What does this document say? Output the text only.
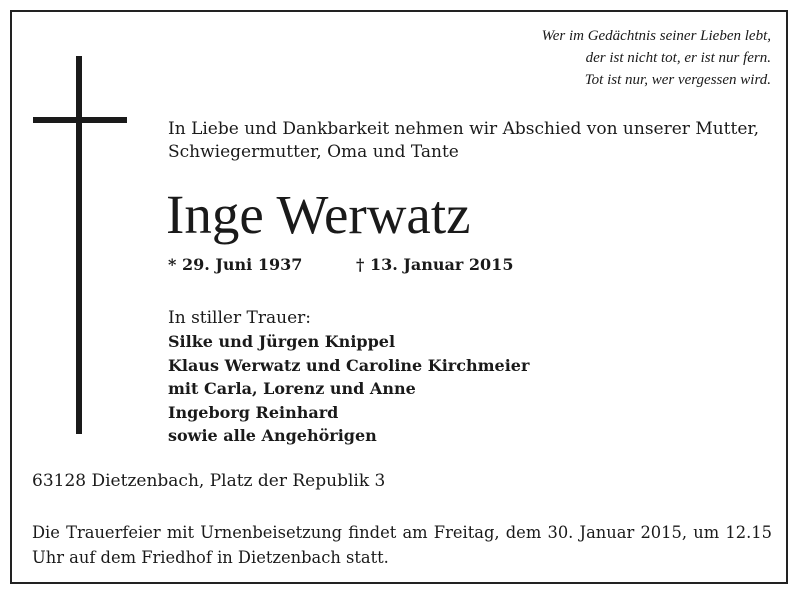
Wer im Gedächtnis seiner Lieben lebt,
der ist nicht tot, er ist nur fern.
Tot ist nur, wer vergessen wird.
In Liebe und Dankbarkeit nehmen wir Abschied von unserer Mutter,
Schwiegermutter, Oma und Tante
Inge Werwatz
* 29. Juni 1937	† 13. Januar 2015
In stiller Trauer:
Silke und Jürgen Knippel
Klaus Werwatz und Caroline Kirchmeier
mit Carla, Lorenz und Anne
Ingeborg Reinhard
sowie alle Angehörigen
63128 Dietzenbach, Platz der Republik 3
Die Trauerfeier mit Urnenbeisetzung findet am Freitag, dem 30. Januar 2015, um 12.15 Uhr auf dem Friedhof in Dietzenbach statt.
